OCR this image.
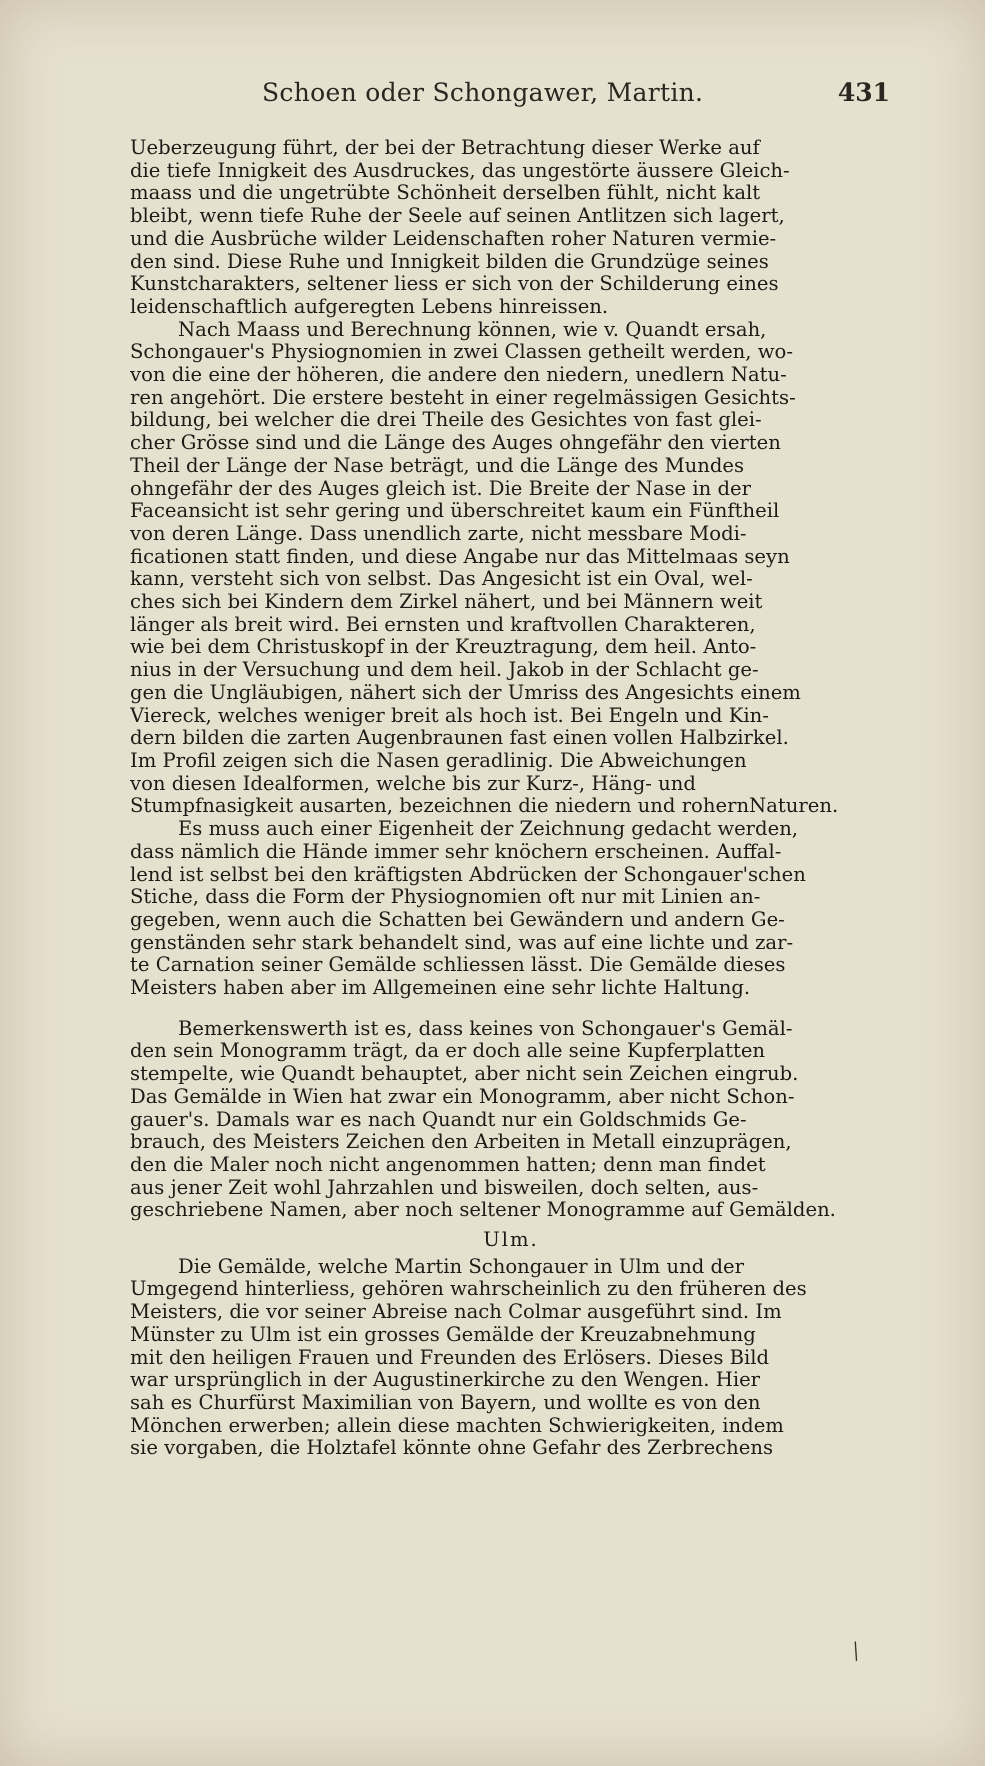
Schoen oder Schongawer, Martin.	431
Ueberzeugung führt, der bei der Betrachtung dieser Werke auf
die tiefe Innigkeit des Ausdruckes, das ungestörte äussere Gleich-
maass und die ungetrübte Schönheit derselben fühlt, nicht kalt
bleibt, wenn tiefe Ruhe der Seele auf seinen Antlitzen sich lagert,
und die Ausbrüche wilder Leidenschaften roher Naturen vermie-
den sind. Diese Ruhe und Innigkeit bilden die Grundzüge seines
Kunstcharakters, seltener liess er sich von der Schilderung eines
leidenschaftlich aufgeregten Lebens hinreissen.
Nach Maass und Berechnung können, wie v. Quandt ersah,
Schongauer's Physiognomien in zwei Classen getheilt werden, wo-
von die eine der höheren, die andere den niedern, unedlern Natu-
ren angehört. Die erstere besteht in einer regelmässigen Gesichts-
bildung, bei welcher die drei Theile des Gesichtes von fast glei-
cher Grösse sind und die Länge des Auges ohngefähr den vierten
Theil der Länge der Nase beträgt, und die Länge des Mundes
ohngefähr der des Auges gleich ist. Die Breite der Nase in der
Faceansicht ist sehr gering und überschreitet kaum ein Fünftheil
von deren Länge. Dass unendlich zarte, nicht messbare Modi-
ficationen statt finden, und diese Angabe nur das Mittelmaas seyn
kann, versteht sich von selbst. Das Angesicht ist ein Oval, wel-
ches sich bei Kindern dem Zirkel nähert, und bei Männern weit
länger als breit wird. Bei ernsten und kraftvollen Charakteren,
wie bei dem Christuskopf in der Kreuztragung, dem heil. Anto-
nius in der Versuchung und dem heil. Jakob in der Schlacht ge-
gen die Ungläubigen, nähert sich der Umriss des Angesichts einem
Viereck, welches weniger breit als hoch ist. Bei Engeln und Kin-
dern bilden die zarten Augenbraunen fast einen vollen Halbzirkel.
Im Profil zeigen sich die Nasen geradlinig. Die Abweichungen
von diesen Idealformen, welche bis zur Kurz-, Häng- und
Stumpfnasigkeit ausarten, bezeichnen die niedern und rohernNaturen.
Es muss auch einer Eigenheit der Zeichnung gedacht werden,
dass nämlich die Hände immer sehr knöchern erscheinen. Auffal-
lend ist selbst bei den kräftigsten Abdrücken der Schongauer'schen
Stiche, dass die Form der Physiognomien oft nur mit Linien an-
gegeben, wenn auch die Schatten bei Gewändern und andern Ge-
genständen sehr stark behandelt sind, was auf eine lichte und zar-
te Carnation seiner Gemälde schliessen lässt. Die Gemälde dieses
Meisters haben aber im Allgemeinen eine sehr lichte Haltung.
Bemerkenswerth ist es, dass keines von Schongauer's Gemäl-
den sein Monogramm trägt, da er doch alle seine Kupferplatten
stempelte, wie Quandt behauptet, aber nicht sein Zeichen eingrub.
Das Gemälde in Wien hat zwar ein Monogramm, aber nicht Schon-
gauer's. Damals war es nach Quandt nur ein Goldschmids Ge-
brauch, des Meisters Zeichen den Arbeiten in Metall einzuprägen,
den die Maler noch nicht angenommen hatten; denn man findet
aus jener Zeit wohl Jahrzahlen und bisweilen, doch selten, aus-
geschriebene Namen, aber noch seltener Monogramme auf Gemälden.
Ulm.
Die Gemälde, welche Martin Schongauer in Ulm und der
Umgegend hinterliess, gehören wahrscheinlich zu den früheren des
Meisters, die vor seiner Abreise nach Colmar ausgeführt sind. Im
Münster zu Ulm ist ein grosses Gemälde der Kreuzabnehmung
mit den heiligen Frauen und Freunden des Erlösers. Dieses Bild
war ursprünglich in der Augustinerkirche zu den Wengen. Hier
sah es Churfürst Maximilian von Bayern, und wollte es von den
Mönchen erwerben; allein diese machten Schwierigkeiten, indem
sie vorgaben, die Holztafel könnte ohne Gefahr des Zerbrechens
⁄
